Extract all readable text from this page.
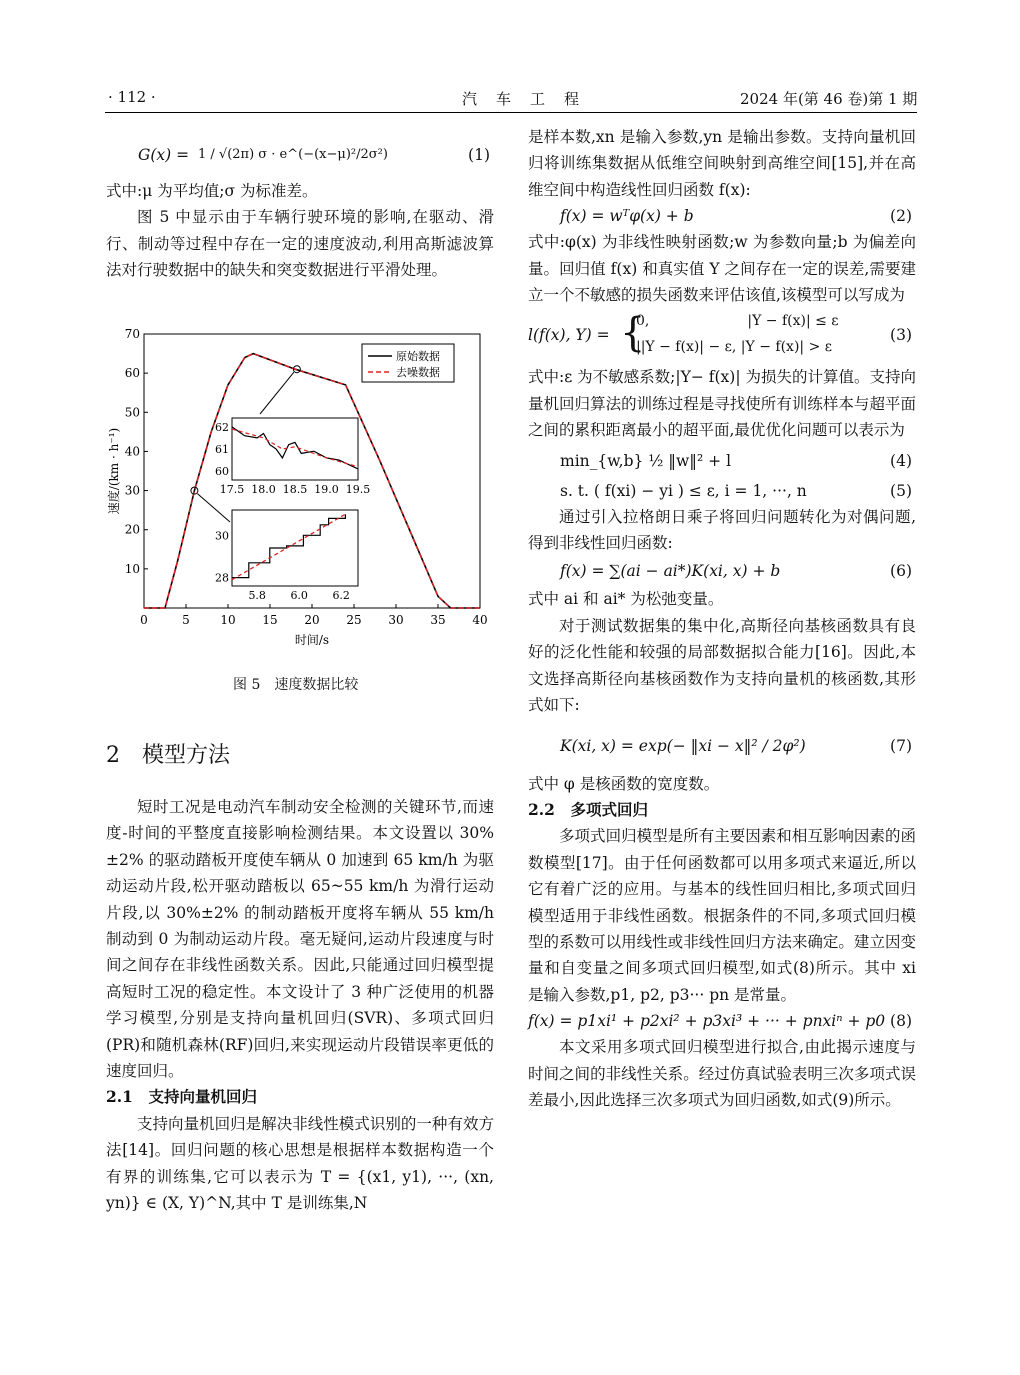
· 112 ·	汽　车　工　程	2024 年(第 46 卷)第 1 期
G(x) = 1 / √(2π) σ · e^(−(x−μ)²/2σ²)	(1)

式中:μ 为平均值;σ 为标准差。

图 5 中显示由于车辆行驶环境的影响,在驱动、滑行、制动等过程中存在一定的速度波动,利用高斯滤波算法对行驶数据中的缺失和突变数据进行平滑处理。

0	5	10 15 20 25 30 35 40
10
20
30
40
50
60
70
时间/s
速度/(km · h⁻¹)
原始数据
去噪数据
17.5 18.0 18.5 19.0 19.5
62
61
60
5.8 6.0 6.2
30
28
图 5　速度数据比较
2　模型方法

短时工况是电动汽车制动安全检测的关键环节,而速度-时间的平整度直接影响检测结果。本文设置以 30%±2% 的驱动踏板开度使车辆从 0 加速到 65 km/h 为驱动运动片段,松开驱动踏板以 65~55 km/h 为滑行运动片段,以 30%±2% 的制动踏板开度将车辆从 55 km/h 制动到 0 为制动运动片段。毫无疑问,运动片段速度与时间之间存在非线性函数关系。因此,只能通过回归模型提高短时工况的稳定性。本文设计了 3 种广泛使用的机器学习模型,分别是支持向量机回归(SVR)、多项式回归(PR)和随机森林(RF)回归,来实现运动片段错误率更低的速度回归。

2.1　支持向量机回归

支持向量机回归是解决非线性模式识别的一种有效方法[14]。回归问题的核心思想是根据样本数据构造一个有界的训练集,它可以表示为 T = {(x1, y1), ···, (xn, yn)} ∈ (X, Y)^N,其中 T 是训练集,N

是样本数,xn 是输入参数,yn 是输出参数。支持向量机回归将训练集数据从低维空间映射到高维空间[15],并在高维空间中构造线性回归函数 f(x):

f(x) = wᵀφ(x) + b	(2)

式中:φ(x) 为非线性映射函数;w 为参数向量;b 为偏差向量。回归值 f(x) 和真实值 Y 之间存在一定的误差,需要建立一个不敏感的损失函数来评估该值,该模型可以写成为

l(f(x), Y) = {
0,　　　　　　　|Y − f(x)| ≤ ε
||Y − f(x)| − ε, |Y − f(x)| > ε
(3)

式中:ε 为不敏感系数;|Y− f(x)| 为损失的计算值。支持向量机回归算法的训练过程是寻找使所有训练样本与超平面之间的累积距离最小的超平面,最优优化问题可以表示为

min_{w,b} ½ ‖w‖² + l	(4)
s. t. ( f(xi) − yi ) ≤ ε, i = 1, ···, n	(5)

通过引入拉格朗日乘子将回归问题转化为对偶问题,得到非线性回归函数:

f(x) = ∑(ai − ai*)K(xi, x) + b	(6)

式中 ai 和 ai* 为松弛变量。

对于测试数据集的集中化,高斯径向基核函数具有良好的泛化性能和较强的局部数据拟合能力[16]。因此,本文选择高斯径向基核函数作为支持向量机的核函数,其形式如下:

K(xi, x) = exp(− ‖xi − x‖² / 2φ²)	(7)

式中 φ 是核函数的宽度数。

2.2　多项式回归

多项式回归模型是所有主要因素和相互影响因素的函数模型[17]。由于任何函数都可以用多项式来逼近,所以它有着广泛的应用。与基本的线性回归相比,多项式回归模型适用于非线性函数。根据条件的不同,多项式回归模型的系数可以用线性或非线性回归方法来确定。建立因变量和自变量之间多项式回归模型,如式(8)所示。其中 xi 是输入参数,p1, p2, p3··· pn 是常量。

f(x) = p1xi¹ + p2xi² + p3xi³ + ··· + pnxiⁿ + p0 (8)

本文采用多项式回归模型进行拟合,由此揭示速度与时间之间的非线性关系。经过仿真试验表明三次多项式误差最小,因此选择三次多项式为回归函数,如式(9)所示。
